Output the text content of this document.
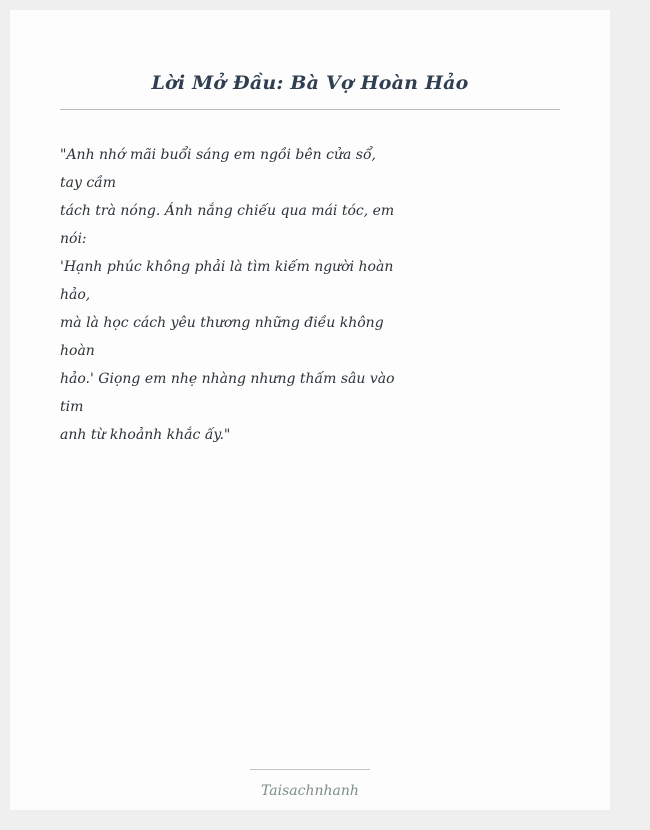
Lời Mở Đầu: Bà Vợ Hoàn Hảo
"Anh nhớ mãi buổi sáng em ngồi bên cửa sổ,
tay cầm
tách trà nóng. Ánh nắng chiếu qua mái tóc, em
nói:
'Hạnh phúc không phải là tìm kiếm người hoàn
hảo,
mà là học cách yêu thương những điều không
hoàn
hảo.' Giọng em nhẹ nhàng nhưng thấm sâu vào
tim
anh từ khoảnh khắc ấy."
Taisachnhanh
